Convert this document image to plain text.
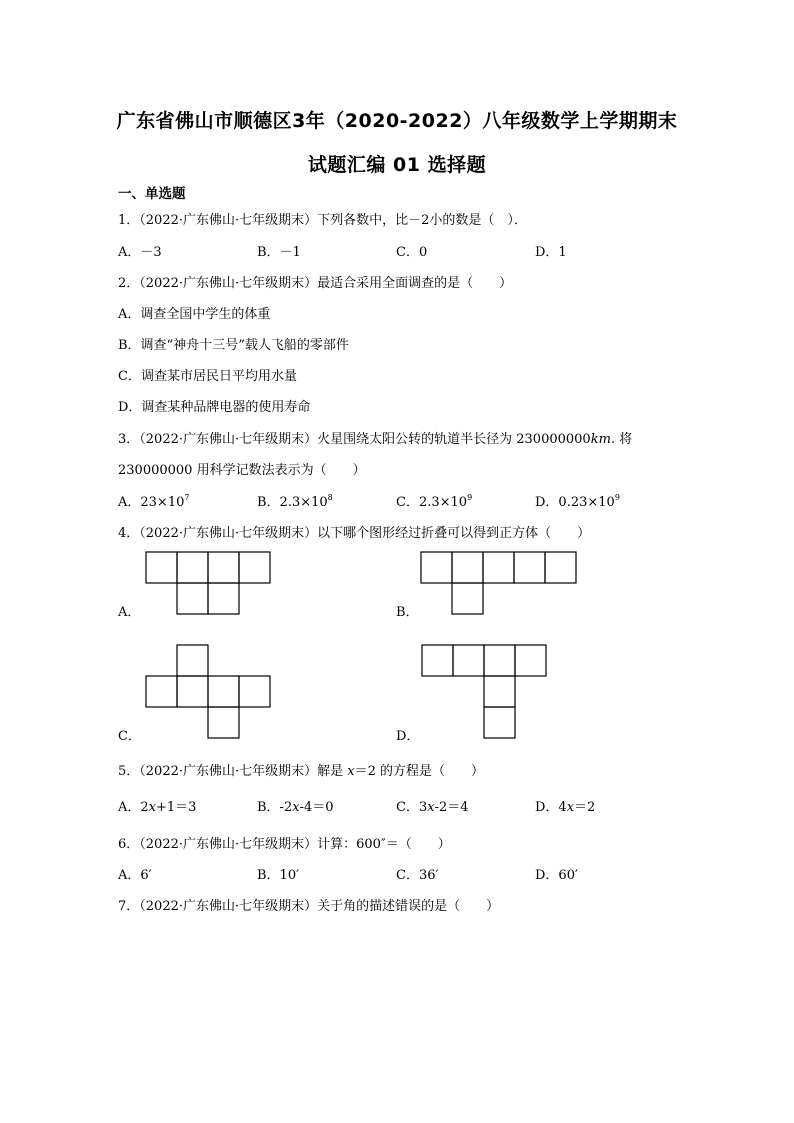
广东省佛山市顺德区3年（2020-2022）八年级数学上学期期末
试题汇编 01 选择题
一、单选题
1．（2022·广东佛山·七年级期末）下列各数中，比－2小的数是（　）．
A．－3	B．－1	C．0	D．1
2．（2022·广东佛山·七年级期末）最适合采用全面调查的是（　　）
A．调查全国中学生的体重
B．调查“神舟十三号”载人飞船的零部件
C．调查某市居民日平均用水量
D．调查某种品牌电器的使用寿命
3．（2022·广东佛山·七年级期末）火星围绕太阳公转的轨道半长径为 230000000km. 将
230000000 用科学记数法表示为（　　）
A．$23\times 10^7$	B．$2.3\times 10^8$	C．$2.3\times 10^9$	D．$0.23\times 10^9$
4．（2022·广东佛山·七年级期末）以下哪个图形经过折叠可以得到正方体（　　）
A．	B．
C．	D．
5．（2022·广东佛山·七年级期末）解是 x＝2 的方程是（　　）
A．2x+1＝3	B．-2x-4＝0	C．3x-2＝4	D．4x＝2
6．（2022·广东佛山·七年级期末）计算：600″＝（　　）
A．6′	B．10′	C．36′	D．60′
7．（2022·广东佛山·七年级期末）关于角的描述错误的是（　　）
